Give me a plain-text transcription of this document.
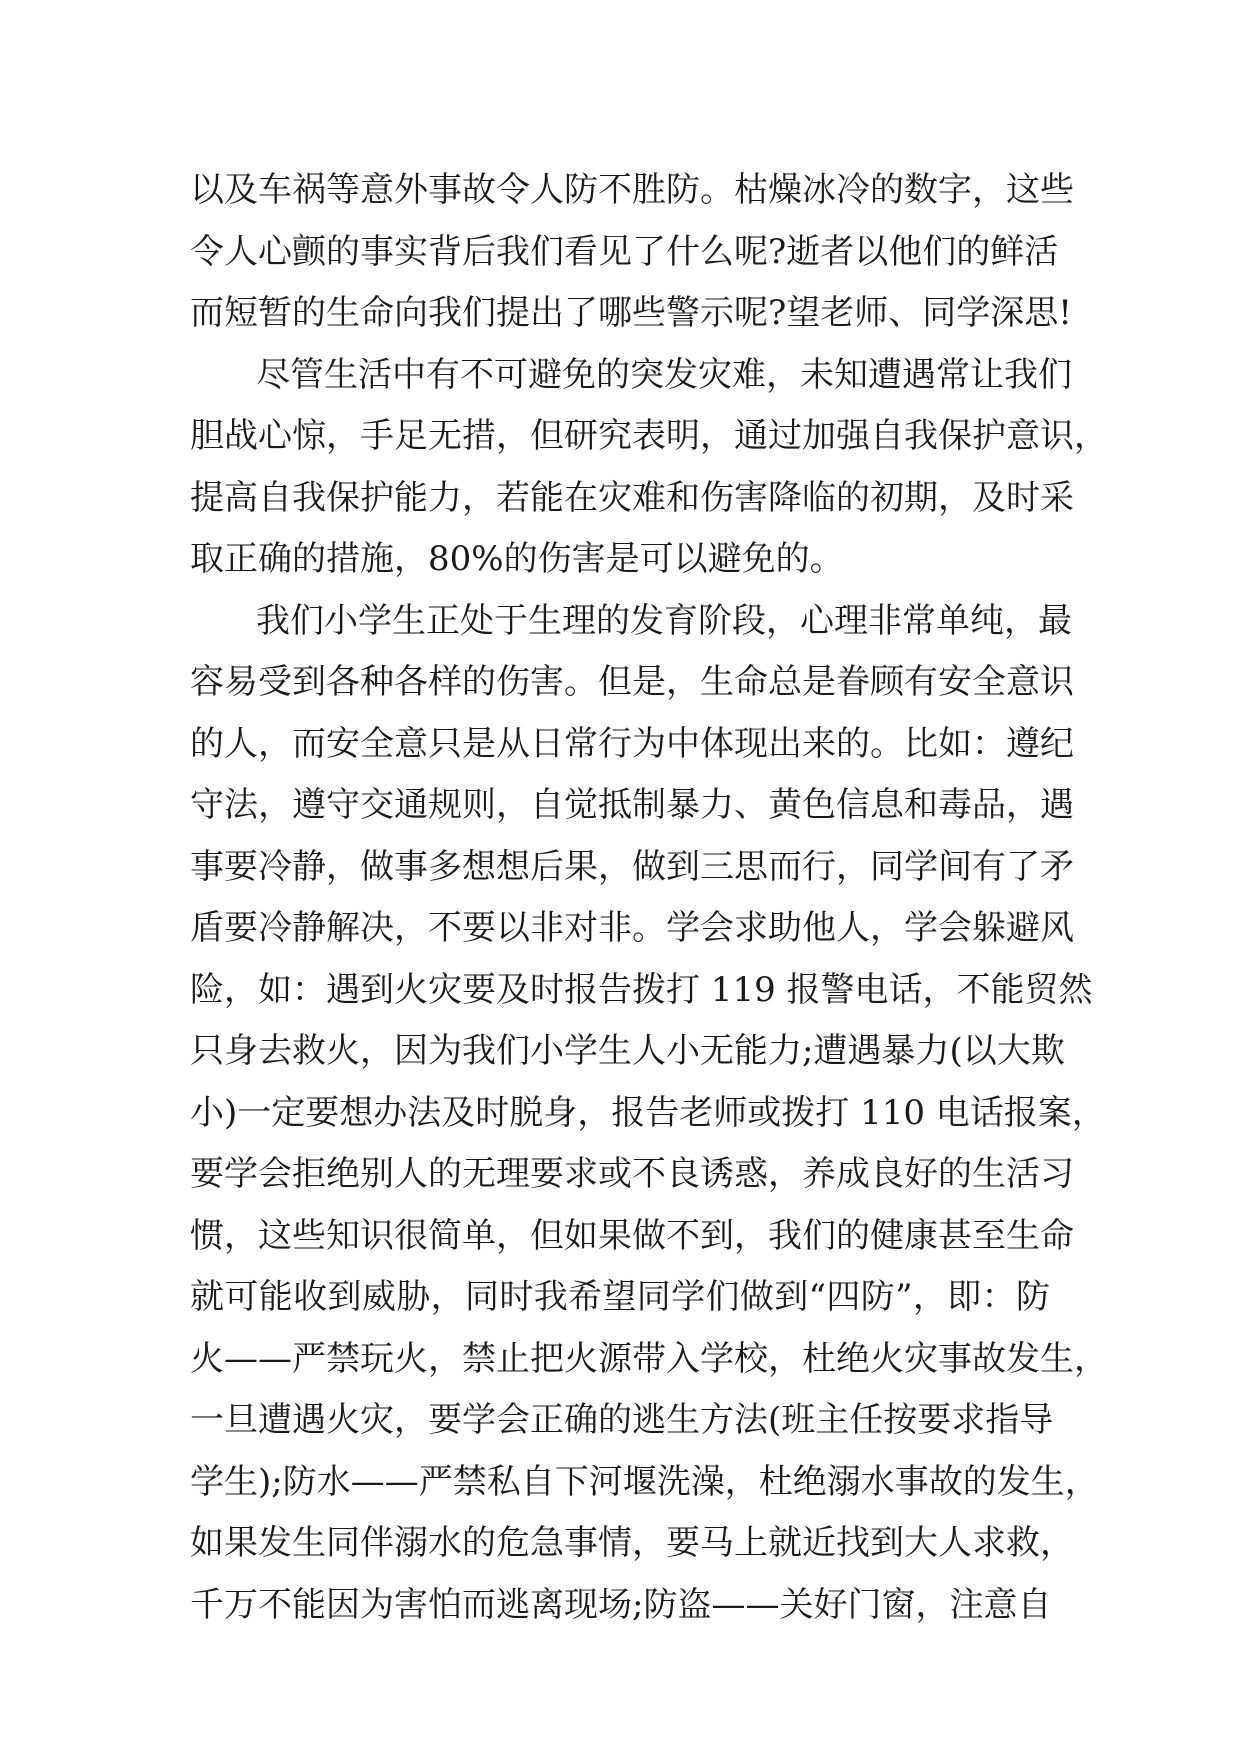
以及车祸等意外事故令人防不胜防。枯燥冰冷的数字，这些
令人心颤的事实背后我们看见了什么呢?逝者以他们的鲜活
而短暂的生命向我们提出了哪些警示呢?望老师、同学深思!
尽管生活中有不可避免的突发灾难，未知遭遇常让我们
胆战心惊，手足无措，但研究表明，通过加强自我保护意识，
提高自我保护能力，若能在灾难和伤害降临的初期，及时采
取正确的措施，80%的伤害是可以避免的。
我们小学生正处于生理的发育阶段，心理非常单纯，最
容易受到各种各样的伤害。但是，生命总是眷顾有安全意识
的人，而安全意只是从日常行为中体现出来的。比如：遵纪
守法，遵守交通规则，自觉抵制暴力、黄色信息和毒品，遇
事要冷静，做事多想想后果，做到三思而行，同学间有了矛
盾要冷静解决，不要以非对非。学会求助他人，学会躲避风
险，如：遇到火灾要及时报告拨打 119 报警电话，不能贸然
只身去救火，因为我们小学生人小无能力;遭遇暴力(以大欺
小)一定要想办法及时脱身，报告老师或拨打 110 电话报案，
要学会拒绝别人的无理要求或不良诱惑，养成良好的生活习
惯，这些知识很简单，但如果做不到，我们的健康甚至生命
就可能收到威胁，同时我希望同学们做到“四防”，即：防
火——严禁玩火，禁止把火源带入学校，杜绝火灾事故发生，
一旦遭遇火灾，要学会正确的逃生方法(班主任按要求指导
学生);防水——严禁私自下河堰洗澡，杜绝溺水事故的发生，
如果发生同伴溺水的危急事情，要马上就近找到大人求救，
千万不能因为害怕而逃离现场;防盗——关好门窗，注意自
